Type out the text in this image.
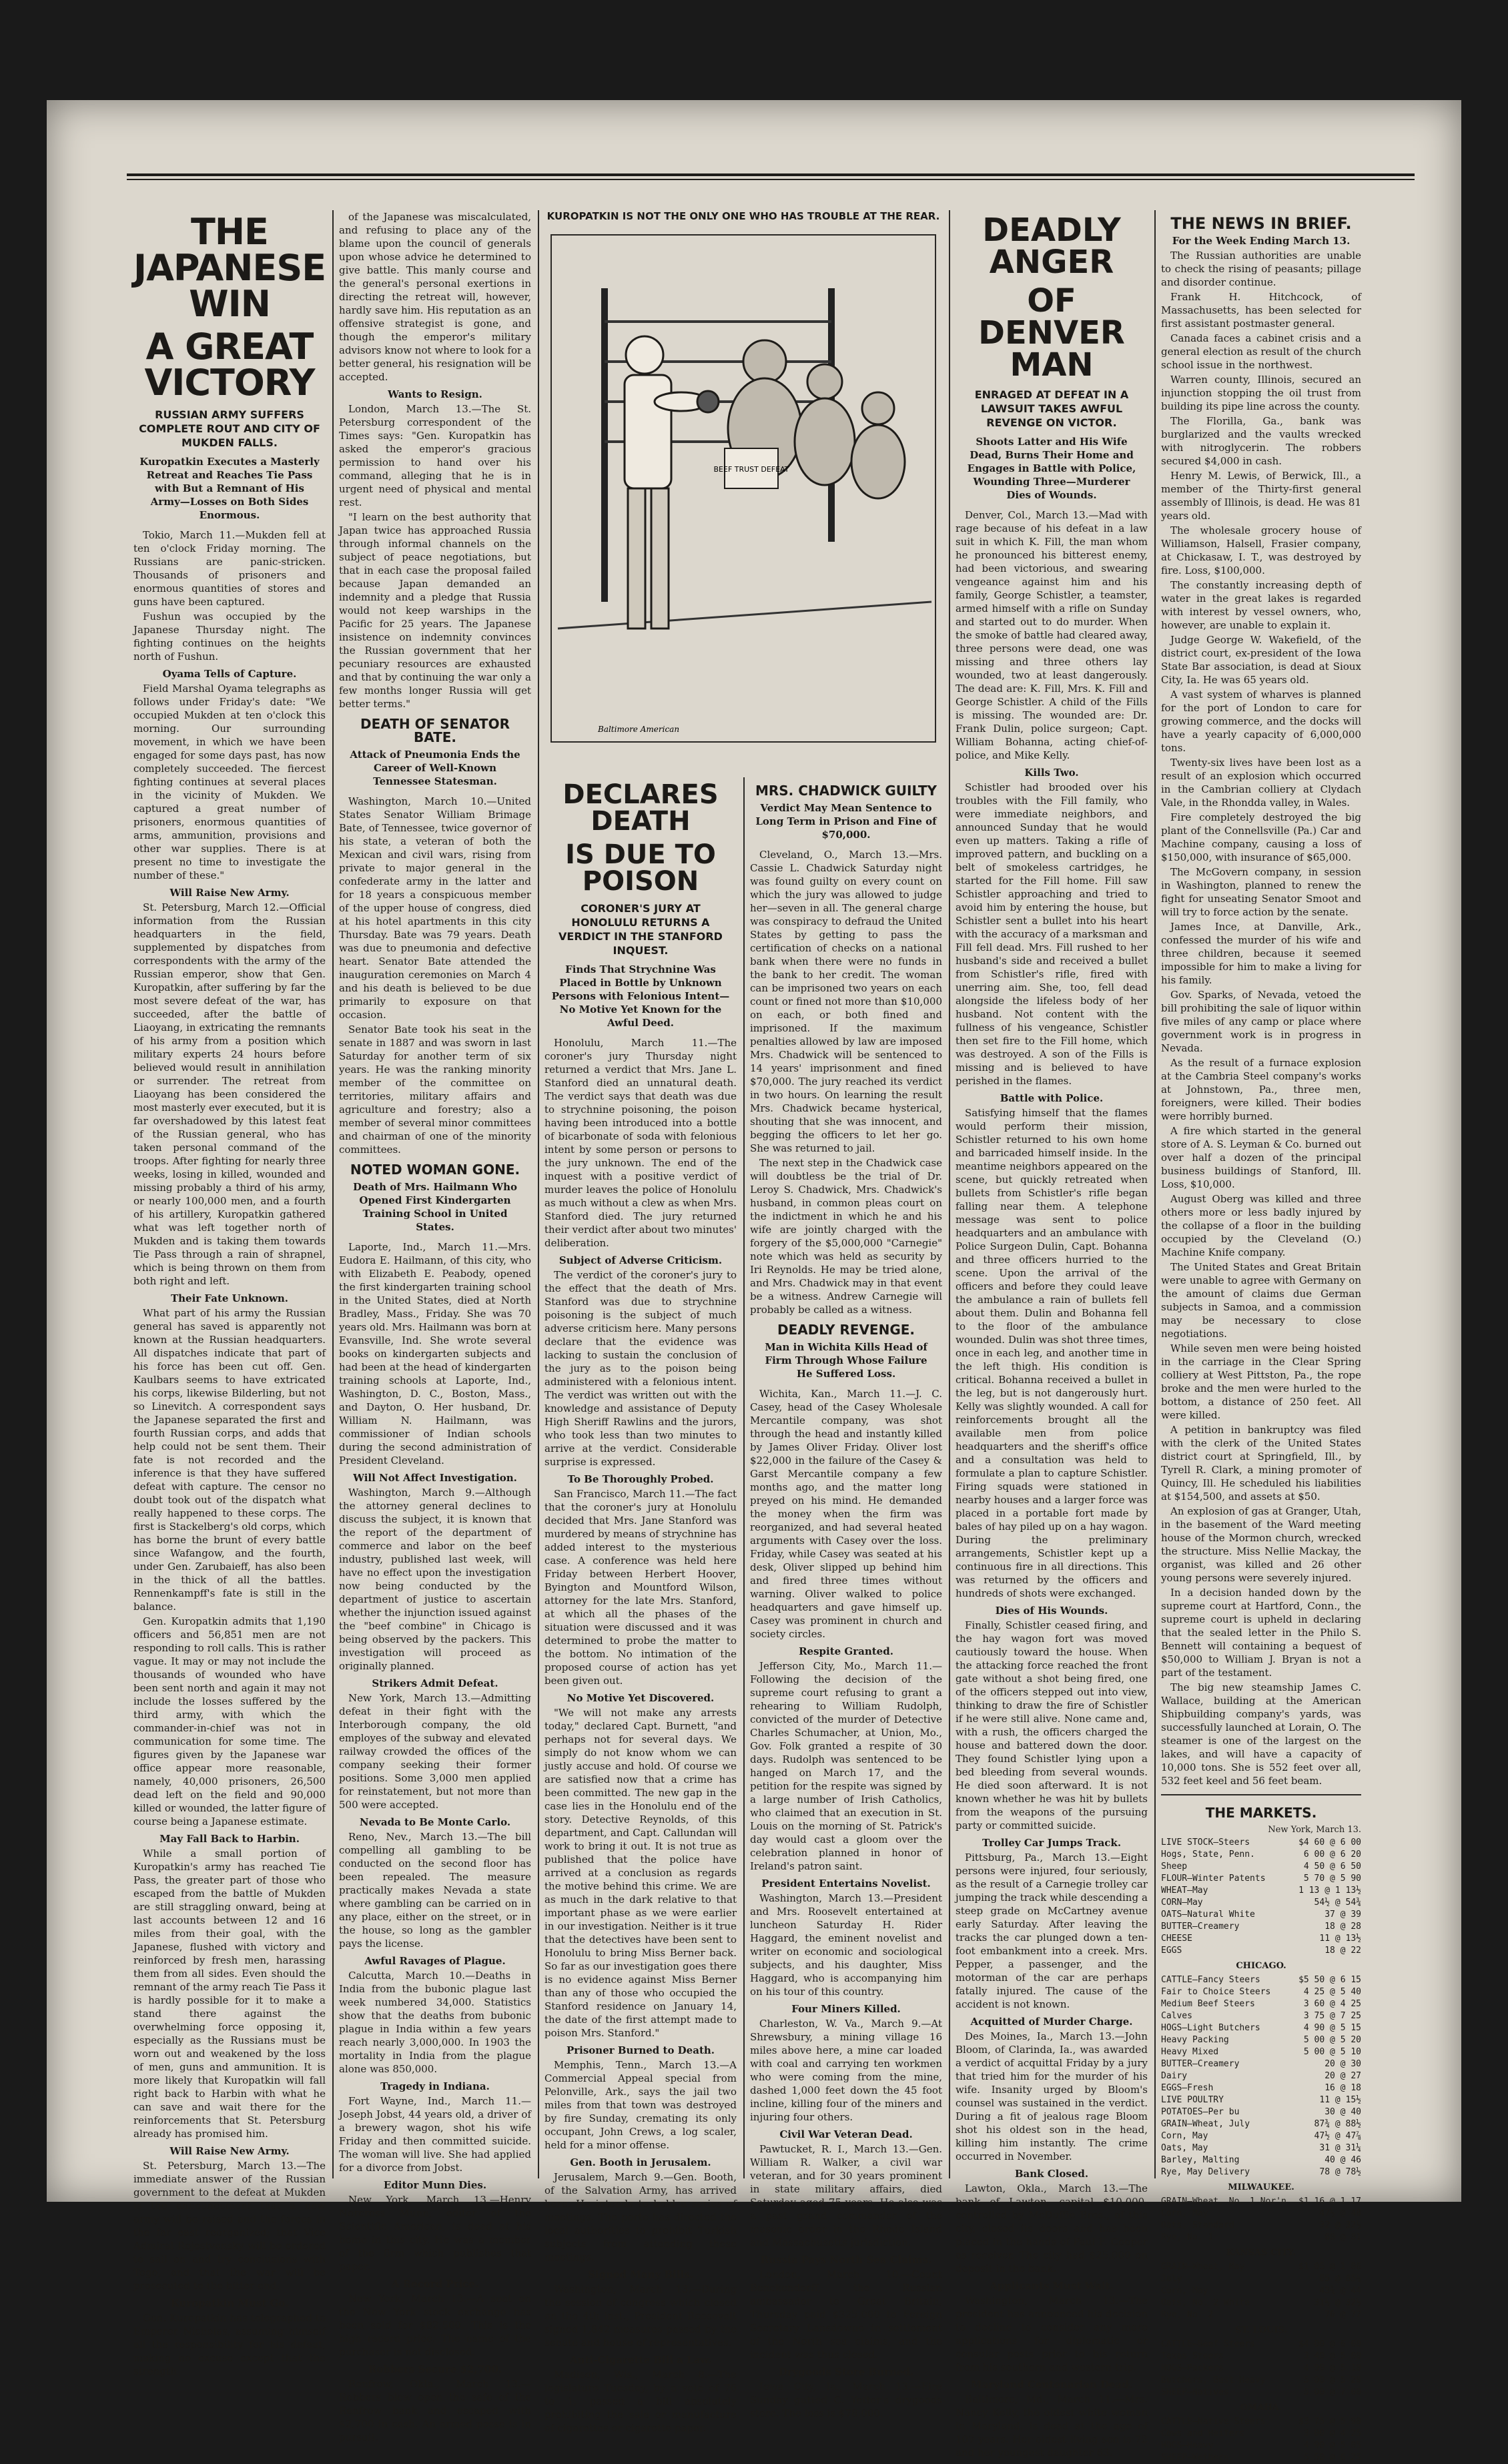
THE JAPANESE WIN
A GREAT VICTORY
RUSSIAN ARMY SUFFERS COMPLETE ROUT AND CITY OF MUKDEN FALLS.
Kuropatkin Executes a Masterly Retreat and Reaches Tie Pass with But a Remnant of His Army—Losses on Both Sides Enormous.

Tokio, March 11.—Mukden fell at ten o'clock Friday morning. The Russians are panic-stricken. Thousands of prisoners and enormous quantities of stores and guns have been captured.

Fushun was occupied by the Japanese Thursday night. The fighting continues on the heights north of Fushun.

Oyama Tells of Capture.

Field Marshal Oyama telegraphs as follows under Friday's date: "We occupied Mukden at ten o'clock this morning. Our surrounding movement, in which we have been engaged for some days past, has now completely succeeded. The fiercest fighting continues at several places in the vicinity of Mukden. We captured a great number of prisoners, enormous quantities of arms, ammunition, provisions and other war supplies. There is at present no time to investigate the number of these."

Will Raise New Army.

St. Petersburg, March 12.—Official information from the Russian headquarters in the field, supplemented by dispatches from correspondents with the army of the Russian emperor, show that Gen. Kuropatkin, after suffering by far the most severe defeat of the war, has succeeded, after the battle of Liaoyang, in extricating the remnants of his army from a position which military experts 24 hours before believed would result in annihilation or surrender. The retreat from Liaoyang has been considered the most masterly ever executed, but it is far overshadowed by this latest feat of the Russian general, who has taken personal command of the troops. After fighting for nearly three weeks, losing in killed, wounded and missing probably a third of his army, or nearly 100,000 men, and a fourth of his artillery, Kuropatkin gathered what was left together north of Mukden and is taking them towards Tie Pass through a rain of shrapnel, which is being thrown on them from both right and left.

Their Fate Unknown.

What part of his army the Russian general has saved is apparently not known at the Russian headquarters. All dispatches indicate that part of his force has been cut off. Gen. Kaulbars seems to have extricated his corps, likewise Bilderling, but not so Linevitch. A correspondent says the Japanese separated the first and fourth Russian corps, and adds that help could not be sent them. Their fate is not recorded and the inference is that they have suffered defeat with capture. The censor no doubt took out of the dispatch what really happened to these corps. The first is Stackelberg's old corps, which has borne the brunt of every battle since Wafangow, and the fourth, under Gen. Zarubaieff, has also been in the thick of all the battles. Rennenkampff's fate is still in the balance.

Gen. Kuropatkin admits that 1,190 officers and 56,851 men are not responding to roll calls. This is rather vague. It may or may not include the thousands of wounded who have been sent north and again it may not include the losses suffered by the third army, with which the commander-in-chief was not in communication for some time. The figures given by the Japanese war office appear more reasonable, namely, 40,000 prisoners, 26,500 dead left on the field and 90,000 killed or wounded, the latter figure of course being a Japanese estimate.

May Fall Back to Harbin.

While a small portion of Kuropatkin's army has reached Tie Pass, the greater part of those who escaped from the battle of Mukden are still straggling onward, being at last accounts between 12 and 16 miles from their goal, with the Japanese, flushed with victory and reinforced by fresh men, harassing them from all sides. Even should the remnant of the army reach Tie Pass it is hardly possible for it to make a stand there against the overwhelming force opposing it, especially as the Russians must be worn out and weakened by the loss of men, guns and ammunition. It is more likely that Kuropatkin will fall right back to Harbin with what he can save and wait there for the reinforcements that St. Petersburg already has promised him.

Will Raise New Army.

St. Petersburg, March 13.—The immediate answer of the Russian government to the defeat at Mukden is the announcement that a new army will be raised and the forces in the far east reorganized; that Vice Admiral Rojestvensky will be ordered to sail on and try conclusions with Togo, and that the war will be prosecuted to the bitter end.

Kuropatkin Must Go.

Gen. Kuropatkin has telegraphed to Emperor Nicholas, assuming himself all the responsibility for his defeat, making no excuse except that the strength

of the Japanese was miscalculated, and refusing to place any of the blame upon the council of generals upon whose advice he determined to give battle. This manly course and the general's personal exertions in directing the retreat will, however, hardly save him. His reputation as an offensive strategist is gone, and though the emperor's military advisors know not where to look for a better general, his resignation will be accepted.

Wants to Resign.

London, March 13.—The St. Petersburg correspondent of the Times says: "Gen. Kuropatkin has asked the emperor's gracious permission to hand over his command, alleging that he is in urgent need of physical and mental rest.

"I learn on the best authority that Japan twice has approached Russia through informal channels on the subject of peace negotiations, but that in each case the proposal failed because Japan demanded an indemnity and a pledge that Russia would not keep warships in the Pacific for 25 years. The Japanese insistence on indemnity convinces the Russian government that her pecuniary resources are exhausted and that by continuing the war only a few months longer Russia will get better terms."

DEATH OF SENATOR BATE.
Attack of Pneumonia Ends the Career of Well-Known Tennessee Statesman.

Washington, March 10.—United States Senator William Brimage Bate, of Tennessee, twice governor of his state, a veteran of both the Mexican and civil wars, rising from private to major general in the confederate army in the latter and for 18 years a conspicuous member of the upper house of congress, died at his hotel apartments in this city Thursday. Bate was 79 years. Death was due to pneumonia and defective heart. Senator Bate attended the inauguration ceremonies on March 4 and his death is believed to be due primarily to exposure on that occasion.

Senator Bate took his seat in the senate in 1887 and was sworn in last Saturday for another term of six years. He was the ranking minority member of the committee on territories, military affairs and agriculture and forestry; also a member of several minor committees and chairman of one of the minority committees.

NOTED WOMAN GONE.
Death of Mrs. Hailmann Who Opened First Kindergarten Training School in United States.

Laporte, Ind., March 11.—Mrs. Eudora E. Hailmann, of this city, who with Elizabeth E. Peabody, opened the first kindergarten training school in the United States, died at North Bradley, Mass., Friday. She was 70 years old. Mrs. Hailmann was born at Evansville, Ind. She wrote several books on kindergarten subjects and had been at the head of kindergarten training schools at Laporte, Ind., Washington, D. C., Boston, Mass., and Dayton, O. Her husband, Dr. William N. Hailmann, was commissioner of Indian schools during the second administration of President Cleveland.

Will Not Affect Investigation.

Washington, March 9.—Although the attorney general declines to discuss the subject, it is known that the report of the department of commerce and labor on the beef industry, published last week, will have no effect upon the investigation now being conducted by the department of justice to ascertain whether the injunction issued against the "beef combine" in Chicago is being observed by the packers. This investigation will proceed as originally planned.

Strikers Admit Defeat.

New York, March 13.—Admitting defeat in their fight with the Interborough company, the old employes of the subway and elevated railway crowded the offices of the company seeking their former positions. Some 3,000 men applied for reinstatement, but not more than 500 were accepted.

Nevada to Be Monte Carlo.

Reno, Nev., March 13.—The bill compelling all gambling to be conducted on the second floor has been repealed. The measure practically makes Nevada a state where gambling can be carried on in any place, either on the street, or in the house, so long as the gambler pays the license.

Awful Ravages of Plague.

Calcutta, March 10.—Deaths in India from the bubonic plague last week numbered 34,000. Statistics show that the deaths from bubonic plague in India within a few years reach nearly 3,000,000. In 1903 the mortality in India from the plague alone was 850,000.

Tragedy in Indiana.

Fort Wayne, Ind., March 11.—Joseph Jobst, 44 years old, a driver of a brewery wagon, shot his wife Friday and then committed suicide. The woman will live. She had applied for a divorce from Jobst.

Editor Munn Dies.

New York, March 13.—Henry Norcross Munn, editor of the Scientific American, is dead at his home in this city. He was a member of the firm which publishes that paper.

A Record Price.

New York, March 13.—A seat on the New York stock exchange has been sold for $82,500. This is the high record price. The name of the purchaser is not disclosed.

Robbers Secure $2,700.

Renfrow, Okla., March 13.—Robbers blew open the safe of the Renfrow bank and escaped with $2,700 in cash. An armed posse is in pursuit.

KUROPATKIN IS NOT THE ONLY ONE WHO HAS TROUBLE AT THE REAR.
BEEF TRUST DEFEAT
Baltimore American
DECLARES DEATH
IS DUE TO POISON
CORONER'S JURY AT HONOLULU RETURNS A VERDICT IN THE STANFORD INQUEST.
Finds That Strychnine Was Placed in Bottle by Unknown Persons with Felonious Intent—No Motive Yet Known for the Awful Deed.

Honolulu, March 11.—The coroner's jury Thursday night returned a verdict that Mrs. Jane L. Stanford died an unnatural death. The verdict says that death was due to strychnine poisoning, the poison having been introduced into a bottle of bicarbonate of soda with felonious intent by some person or persons to the jury unknown. The end of the inquest with a positive verdict of murder leaves the police of Honolulu as much without a clew as when Mrs. Stanford died. The jury returned their verdict after about two minutes' deliberation.

Subject of Adverse Criticism.

The verdict of the coroner's jury to the effect that the death of Mrs. Stanford was due to strychnine poisoning is the subject of much adverse criticism here. Many persons declare that the evidence was lacking to sustain the conclusion of the jury as to the poison being administered with a felonious intent. The verdict was written out with the knowledge and assistance of Deputy High Sheriff Rawlins and the jurors, who took less than two minutes to arrive at the verdict. Considerable surprise is expressed.

To Be Thoroughly Probed.

San Francisco, March 11.—The fact that the coroner's jury at Honolulu decided that Mrs. Jane Stanford was murdered by means of strychnine has added interest to the mysterious case. A conference was held here Friday between Herbert Hoover, Byington and Mountford Wilson, attorney for the late Mrs. Stanford, at which all the phases of the situation were discussed and it was determined to probe the matter to the bottom. No intimation of the proposed course of action has yet been given out.

No Motive Yet Discovered.

"We will not make any arrests today," declared Capt. Burnett, "and perhaps not for several days. We simply do not know whom we can justly accuse and hold. Of course we are satisfied now that a crime has been committed. The new gap in the case lies in the Honolulu end of the story. Detective Reynolds, of this department, and Capt. Callundan will work to bring it out. It is not true as published that the police have arrived at a conclusion as regards the motive behind this crime. We are as much in the dark relative to that important phase as we were earlier in our investigation. Neither is it true that the detectives have been sent to Honolulu to bring Miss Berner back. So far as our investigation goes there is no evidence against Miss Berner than any of those who occupied the Stanford residence on January 14, the date of the first attempt made to poison Mrs. Stanford."

Prisoner Burned to Death.

Memphis, Tenn., March 13.—A Commercial Appeal special from Pelonville, Ark., says the jail two miles from that town was destroyed by fire Sunday, cremating its only occupant, John Crews, a log scaler, held for a minor offense.

Gen. Booth in Jerusalem.

Jerusalem, March 9.—Gen. Booth, of the Salvation Army, has arrived here. He intends to hold a series of meetings. The porte has directed the local authorities to prohibit Turkish subjects from attending these meetings.

Signed Many Bills.

Washington, March 13.—During the session of congress which closed on the 4th inst., President Roosevelt signed 1,842 measures passed by the senate and house of representatives.

Anti-Cigarette Bill a Law.

Madison, Wis., March 8.—The legislature Tuesday, by a vote of 76 to 1, passed a bill absolutely prohibiting the sale or manufacture of cigarettes or cigarette paper.

MRS. CHADWICK GUILTY
Verdict May Mean Sentence to Long Term in Prison and Fine of $70,000.

Cleveland, O., March 13.—Mrs. Cassie L. Chadwick Saturday night was found guilty on every count on which the jury was allowed to judge her—seven in all. The general charge was conspiracy to defraud the United States by getting to pass the certification of checks on a national bank when there were no funds in the bank to her credit. The woman can be imprisoned two years on each count or fined not more than $10,000 on each, or both fined and imprisoned. If the maximum penalties allowed by law are imposed Mrs. Chadwick will be sentenced to 14 years' imprisonment and fined $70,000. The jury reached its verdict in two hours. On learning the result Mrs. Chadwick became hysterical, shouting that she was innocent, and begging the officers to let her go. She was returned to jail.

The next step in the Chadwick case will doubtless be the trial of Dr. Leroy S. Chadwick, Mrs. Chadwick's husband, in common pleas court on the indictment in which he and his wife are jointly charged with the forgery of the $5,000,000 "Carnegie" note which was held as security by Iri Reynolds. He may be tried alone, and Mrs. Chadwick may in that event be a witness. Andrew Carnegie will probably be called as a witness.

DEADLY REVENGE.
Man in Wichita Kills Head of Firm Through Whose Failure He Suffered Loss.

Wichita, Kan., March 11.—J. C. Casey, head of the Casey Wholesale Mercantile company, was shot through the head and instantly killed by James Oliver Friday. Oliver lost $22,000 in the failure of the Casey & Garst Mercantile company a few months ago, and the matter long preyed on his mind. He demanded the money when the firm was reorganized, and had several heated arguments with Casey over the loss. Friday, while Casey was seated at his desk, Oliver slipped up behind him and fired three times without warning. Oliver walked to police headquarters and gave himself up. Casey was prominent in church and society circles.

Respite Granted.

Jefferson City, Mo., March 11.—Following the decision of the supreme court refusing to grant a rehearing to William Rudolph, convicted of the murder of Detective Charles Schumacher, at Union, Mo., Gov. Folk granted a respite of 30 days. Rudolph was sentenced to be hanged on March 17, and the petition for the respite was signed by a large number of Irish Catholics, who claimed that an execution in St. Louis on the morning of St. Patrick's day would cast a gloom over the celebration planned in honor of Ireland's patron saint.

President Entertains Novelist.

Washington, March 13.—President and Mrs. Roosevelt entertained at luncheon Saturday H. Rider Haggard, the eminent novelist and writer on economic and sociological subjects, and his daughter, Miss Haggard, who is accompanying him on his tour of this country.

Four Miners Killed.

Charleston, W. Va., March 9.—At Shrewsbury, a mining village 16 miles above here, a mine car loaded with coal and carrying ten workmen who were coming from the mine, dashed 1,000 feet down the 45 foot incline, killing four of the miners and injuring four others.

Civil War Veteran Dead.

Pawtucket, R. I., March 13.—Gen. William R. Walker, a civil war veteran, and for 30 years prominent in state military affairs, died Saturday aged 75 years. He also was a past grand commander of the masonic order in the Rhode Island and Massachusetts jurisdiction.

Russia Pays North Sea Claims.

London, March 10.—Count Benckendorff, the Russian ambassador to Great Britain, Thursday paid $325,000 to Foreign Secretary Lansdowne in settlement of the North sea claims, and the incident was thus closed.

Drygoods Store Burned.

Iowa City, Ia., March 13.—Fire Sunday gutted C. Yetter's drygoods store. The loss is $78,000.

DEADLY ANGER
OF DENVER MAN
ENRAGED AT DEFEAT IN A LAWSUIT TAKES AWFUL REVENGE ON VICTOR.
Shoots Latter and His Wife Dead, Burns Their Home and Engages in Battle with Police, Wounding Three—Murderer Dies of Wounds.

Denver, Col., March 13.—Mad with rage because of his defeat in a law suit in which K. Fill, the man whom he pronounced his bitterest enemy, had been victorious, and swearing vengeance against him and his family, George Schistler, a teamster, armed himself with a rifle on Sunday and started out to do murder. When the smoke of battle had cleared away, three persons were dead, one was missing and three others lay wounded, two at least dangerously. The dead are: K. Fill, Mrs. K. Fill and George Schistler. A child of the Fills is missing. The wounded are: Dr. Frank Dulin, police surgeon; Capt. William Bohanna, acting chief-of-police, and Mike Kelly.

Kills Two.

Schistler had brooded over his troubles with the Fill family, who were immediate neighbors, and announced Sunday that he would even up matters. Taking a rifle of improved pattern, and buckling on a belt of smokeless cartridges, he started for the Fill home. Fill saw Schistler approaching and tried to avoid him by entering the house, but Schistler sent a bullet into his heart with the accuracy of a marksman and Fill fell dead. Mrs. Fill rushed to her husband's side and received a bullet from Schistler's rifle, fired with unerring aim. She, too, fell dead alongside the lifeless body of her husband. Not content with the fullness of his vengeance, Schistler then set fire to the Fill home, which was destroyed. A son of the Fills is missing and is believed to have perished in the flames.

Battle with Police.

Satisfying himself that the flames would perform their mission, Schistler returned to his own home and barricaded himself inside. In the meantime neighbors appeared on the scene, but quickly retreated when bullets from Schistler's rifle began falling near them. A telephone message was sent to police headquarters and an ambulance with Police Surgeon Dulin, Capt. Bohanna and three officers hurried to the scene. Upon the arrival of the officers and before they could leave the ambulance a rain of bullets fell about them. Dulin and Bohanna fell to the floor of the ambulance wounded. Dulin was shot three times, once in each leg, and another time in the left thigh. His condition is critical. Bohanna received a bullet in the leg, but is not dangerously hurt. Kelly was slightly wounded. A call for reinforcements brought all the available men from police headquarters and the sheriff's office and a consultation was held to formulate a plan to capture Schistler. Firing squads were stationed in nearby houses and a larger force was placed in a portable fort made by bales of hay piled up on a hay wagon. During the preliminary arrangements, Schistler kept up a continuous fire in all directions. This was returned by the officers and hundreds of shots were exchanged.

Dies of His Wounds.

Finally, Schistler ceased firing, and the hay wagon fort was moved cautiously toward the house. When the attacking force reached the front gate without a shot being fired, one of the officers stepped out into view, thinking to draw the fire of Schistler if he were still alive. None came and, with a rush, the officers charged the house and battered down the door. They found Schistler lying upon a bed bleeding from several wounds. He died soon afterward. It is not known whether he was hit by bullets from the weapons of the pursuing party or committed suicide.

Trolley Car Jumps Track.

Pittsburg, Pa., March 13.—Eight persons were injured, four seriously, as the result of a Carnegie trolley car jumping the track while descending a steep grade on McCartney avenue early Saturday. After leaving the tracks the car plunged down a ten-foot embankment into a creek. Mrs. Pepper, a passenger, and the motorman of the car are perhaps fatally injured. The cause of the accident is not known.

Acquitted of Murder Charge.

Des Moines, Ia., March 13.—John Bloom, of Clarinda, Ia., was awarded a verdict of acquittal Friday by a jury that tried him for the murder of his wife. Insanity urged by Bloom's counsel was sustained in the verdict. During a fit of jealous rage Bloom shot his oldest son in the head, killing him instantly. The crime occurred in November.

Bank Closed.

Lawton, Okla., March 13.—The bank of Lawton, capital $10,000, controlled by McDuffie Bros., of this city, closed its doors and has been placed in the hands of Paul F. Cooper as receiver. The city had $25,000 on deposit in the bank.

Applicants Must Wait.

Washington, March 13.—The president has announced his decision to decline to consider any more applications for diplomatic or consular posts prior to his return from his southern and western trip.

Maryland Centenarian Dead.

Baltimore, Md., March 11.—Mrs. Nancy Kelly, the oldest white woman in Maryland, is dead at the age of 107 years. Her oldest living son is 72 and her youngest daughter 63.

THE NEWS IN BRIEF.
For the Week Ending March 13.

The Russian authorities are unable to check the rising of peasants; pillage and disorder continue.

Frank H. Hitchcock, of Massachusetts, has been selected for first assistant postmaster general.

Canada faces a cabinet crisis and a general election as result of the church school issue in the northwest.

Warren county, Illinois, secured an injunction stopping the oil trust from building its pipe line across the county.

The Florilla, Ga., bank was burglarized and the vaults wrecked with nitroglycerin. The robbers secured $4,000 in cash.

Henry M. Lewis, of Berwick, Ill., a member of the Thirty-first general assembly of Illinois, is dead. He was 81 years old.

The wholesale grocery house of Williamson, Halsell, Frasier company, at Chickasaw, I. T., was destroyed by fire. Loss, $100,000.

The constantly increasing depth of water in the great lakes is regarded with interest by vessel owners, who, however, are unable to explain it.

Judge George W. Wakefield, of the district court, ex-president of the Iowa State Bar association, is dead at Sioux City, Ia. He was 65 years old.

A vast system of wharves is planned for the port of London to care for growing commerce, and the docks will have a yearly capacity of 6,000,000 tons.

Twenty-six lives have been lost as a result of an explosion which occurred in the Cambrian colliery at Clydach Vale, in the Rhondda valley, in Wales.

Fire completely destroyed the big plant of the Connellsville (Pa.) Car and Machine company, causing a loss of $150,000, with insurance of $65,000.

The McGovern company, in session in Washington, planned to renew the fight for unseating Senator Smoot and will try to force action by the senate.

James Ince, at Danville, Ark., confessed the murder of his wife and three children, because it seemed impossible for him to make a living for his family.

Gov. Sparks, of Nevada, vetoed the bill prohibiting the sale of liquor within five miles of any camp or place where government work is in progress in Nevada.

As the result of a furnace explosion at the Cambria Steel company's works at Johnstown, Pa., three men, foreigners, were killed. Their bodies were horribly burned.

A fire which started in the general store of A. S. Leyman & Co. burned out over half a dozen of the principal business buildings of Stanford, Ill. Loss, $10,000.

August Oberg was killed and three others more or less badly injured by the collapse of a floor in the building occupied by the Cleveland (O.) Machine Knife company.

The United States and Great Britain were unable to agree with Germany on the amount of claims due German subjects in Samoa, and a commission may be necessary to close negotiations.

While seven men were being hoisted in the carriage in the Clear Spring colliery at West Pittston, Pa., the rope broke and the men were hurled to the bottom, a distance of 250 feet. All were killed.

A petition in bankruptcy was filed with the clerk of the United States district court at Springfield, Ill., by Tyrell R. Clark, a mining promoter of Quincy, Ill. He scheduled his liabilities at $154,500, and assets at $50.

An explosion of gas at Granger, Utah, in the basement of the Ward meeting house of the Mormon church, wrecked the structure. Miss Nellie Mackay, the organist, was killed and 26 other young persons were severely injured.

In a decision handed down by the supreme court at Hartford, Conn., the supreme court is upheld in declaring that the sealed letter in the Philo S. Bennett will containing a bequest of $50,000 to William J. Bryan is not a part of the testament.

The big new steamship James C. Wallace, building at the American Shipbuilding company's yards, was successfully launched at Lorain, O. The steamer is one of the largest on the lakes, and will have a capacity of 10,000 tons. She is 552 feet over all, 532 feet keel and 56 feet beam.

THE MARKETS.
New York, March 13.
LIVE STOCK—Steers	$4 60 @ 6 00
Hogs, State, Penn.	6 00 @ 6 20
Sheep	4 50 @ 6 50
FLOUR—Winter Patents	5 70 @ 5 90
WHEAT—May	1 13 @ 1 13½
CORN—May	54½ @ 54¾
OATS—Natural White	37 @ 39
BUTTER—Creamery	18 @ 28
CHEESE	11 @ 13½
EGGS	18 @ 22
CHICAGO.
CATTLE—Fancy Steers	$5 50 @ 6 15
Fair to Choice Steers	4 25 @ 5 40
Medium Beef Steers	3 60 @ 4 25
Calves	3 75 @ 7 25
HOGS—Light Butchers	4 90 @ 5 15
Heavy Packing	5 00 @ 5 20
Heavy Mixed	5 00 @ 5 10
BUTTER—Creamery	20 @ 30
Dairy	20 @ 27
EGGS—Fresh	16 @ 18
LIVE POULTRY	11 @ 15½
POTATOES—Per bu	30 @ 40
GRAIN—Wheat, July	87¾ @ 88½
Corn, May	47½ @ 47⅞
Oats, May	31 @ 31¼
Barley, Malting	40 @ 46
Rye, May Delivery	78 @ 78½
MILWAUKEE.
GRAIN—Wheat, No. 1 Nor'n $1 16 @ 1 17
Corn, May	47½ @ 48
Oats, Standard	32 @ 32½
Rye, No. 1	80 @ 81
KANSAS CITY.
GRAIN—Wheat, May	$1 05 @ 1 06
July	85 @ 85¼
Corn, May	43¾ @ 44
Oats, No. 2 White	31½ @ 32½
Rye, No. 2	76 @ 77
ST. LOUIS.
CATTLE—Beef Steers	$4 00 @ 6 00
Texas Steers	3 40 @ 5 00
HOGS—Packers	4 90 @ 5 10
Butchers, Best Heavy	5 00 @ 5 20
SHEEP—Natives	5 00 @ 7 00
OMAHA.
CATTLE—Native Steers	$3 75 @ 5 90
Cows and Heifers	3 00 @ 4 25
HOGS—Heavy	4 90 @ 5 05
SHEEP—Wethers	5 50 @ 6 25
